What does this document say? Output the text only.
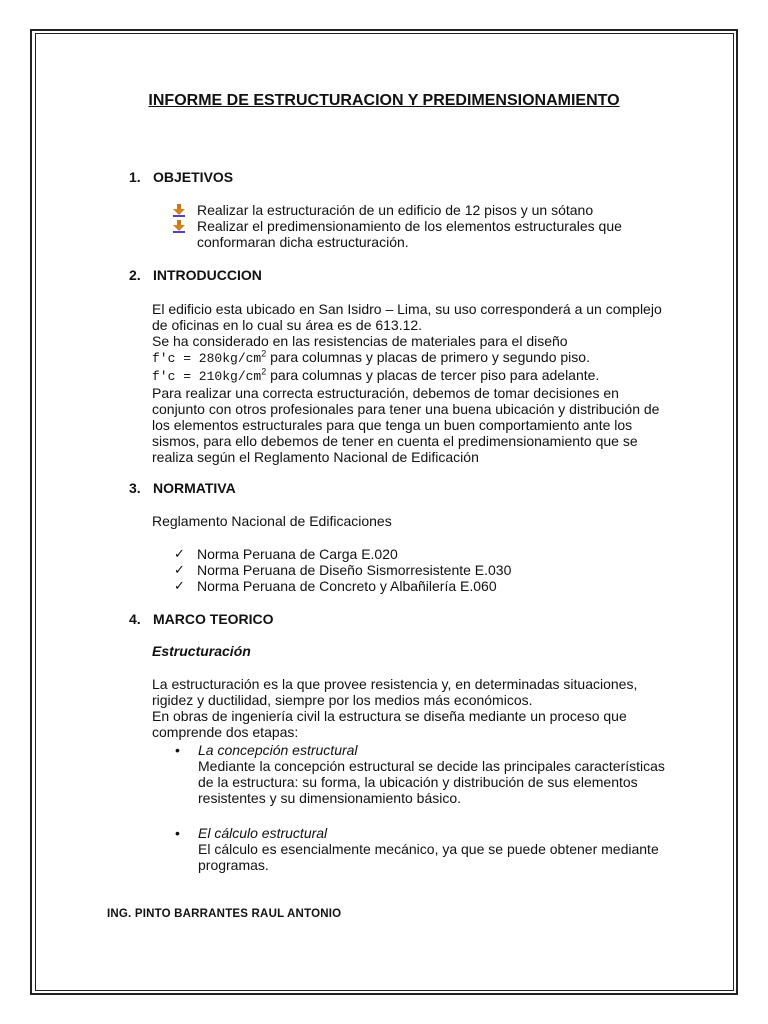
INFORME DE ESTRUCTURACION Y PREDIMENSIONAMIENTO
1. OBJETIVOS
Realizar la estructuración de un edificio de 12 pisos y un sótano
Realizar el predimensionamiento de los elementos estructurales que
conformaran dicha estructuración.
2. INTRODUCCION
El edificio esta ubicado en San Isidro – Lima, su uso corresponderá a un complejo
de oficinas en lo cual su área es de 613.12.
Se ha considerado en las resistencias de materiales para el diseño
$f'c = 280kg/cm^2$ para columnas y placas de primero y segundo piso.
$f'c = 210kg/cm^2$ para columnas y placas de tercer piso para adelante.
Para realizar una correcta estructuración, debemos de tomar decisiones en
conjunto con otros profesionales para tener una buena ubicación y distribución de
los elementos estructurales para que tenga un buen comportamiento ante los
sismos, para ello debemos de tener en cuenta el predimensionamiento que se
realiza según el Reglamento Nacional de Edificación
3. NORMATIVA
Reglamento Nacional de Edificaciones
✓ Norma Peruana de Carga E.020
✓ Norma Peruana de Diseño Sismorresistente E.030
✓ Norma Peruana de Concreto y Albañilería E.060
4. MARCO TEORICO
Estructuración
La estructuración es la que provee resistencia y, en determinadas situaciones,
rigidez y ductilidad, siempre por los medios más económicos.
En obras de ingeniería civil la estructura se diseña mediante un proceso que
comprende dos etapas:
• La concepción estructural
Mediante la concepción estructural se decide las principales características
de la estructura: su forma, la ubicación y distribución de sus elementos
resistentes y su dimensionamiento básico.
• El cálculo estructural
El cálculo es esencialmente mecánico, ya que se puede obtener mediante
programas.
ING. PINTO BARRANTES RAUL ANTONIO
